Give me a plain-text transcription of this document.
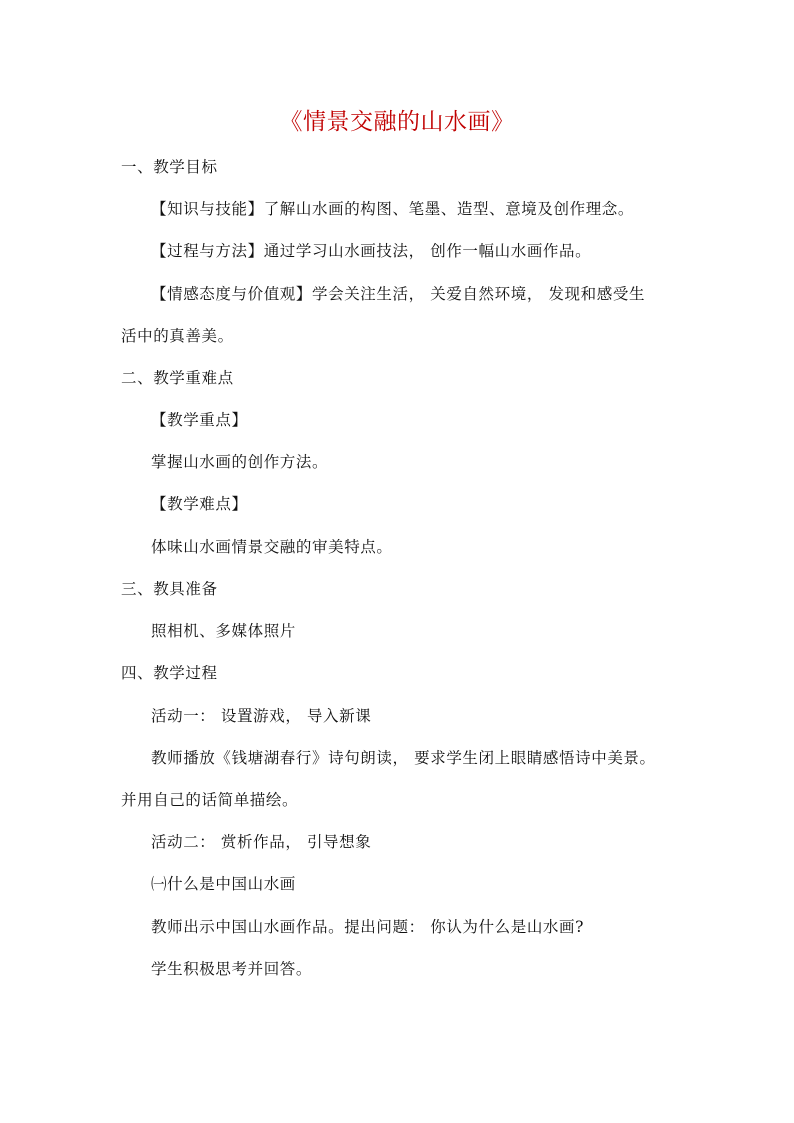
《情景交融的山水画》
一、教学目标
【知识与技能】了解山水画的构图、笔墨、造型、意境及创作理念。
【过程与方法】通过学习山水画技法， 创作一幅山水画作品。
【情感态度与价值观】学会关注生活， 关爱自然环境， 发现和感受生
活中的真善美。
二、教学重难点
【教学重点】
掌握山水画的创作方法。
【教学难点】
体味山水画情景交融的审美特点。
三、教具准备
照相机、多媒体照片
四、教学过程
活动一： 设置游戏， 导入新课
教师播放《钱塘湖春行》诗句朗读， 要求学生闭上眼睛感悟诗中美景。
并用自己的话简单描绘。
活动二： 赏析作品， 引导想象
㈠什么是中国山水画
教师出示中国山水画作品。提出问题： 你认为什么是山水画?
学生积极思考并回答。
